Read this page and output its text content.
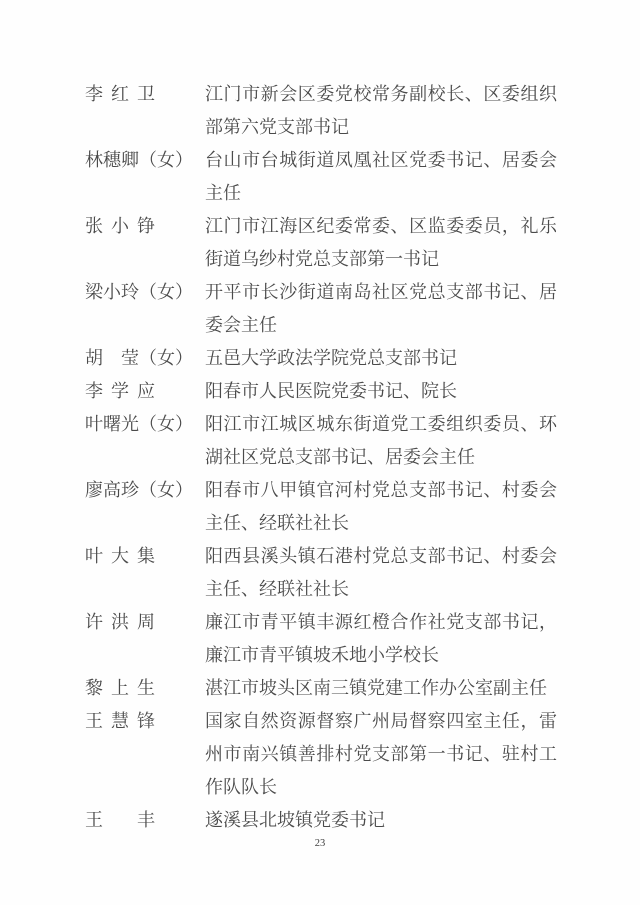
李红卫	江门市新会区委党校常务副校长、区委组织部第六党支部书记
林穗卿（女） 台山市台城街道凤凰社区党委书记、居委会主任
张小铮	江门市江海区纪委常委、区监委委员，礼乐街道乌纱村党总支部第一书记
梁小玲（女） 开平市长沙街道南岛社区党总支部书记、居委会主任
胡　莹（女） 五邑大学政法学院党总支部书记
李学应	阳春市人民医院党委书记、院长
叶曙光（女） 阳江市江城区城东街道党工委组织委员、环湖社区党总支部书记、居委会主任
廖高珍（女） 阳春市八甲镇官河村党总支部书记、村委会主任、经联社社长
叶大集	阳西县溪头镇石港村党总支部书记、村委会主任、经联社社长
许洪周	廉江市青平镇丰源红橙合作社党支部书记，廉江市青平镇坡禾地小学校长
黎上生	湛江市坡头区南三镇党建工作办公室副主任
王慧锋	国家自然资源督察广州局督察四室主任，雷州市南兴镇善排村党支部第一书记、驻村工作队队长
王　丰	遂溪县北坡镇党委书记
23
